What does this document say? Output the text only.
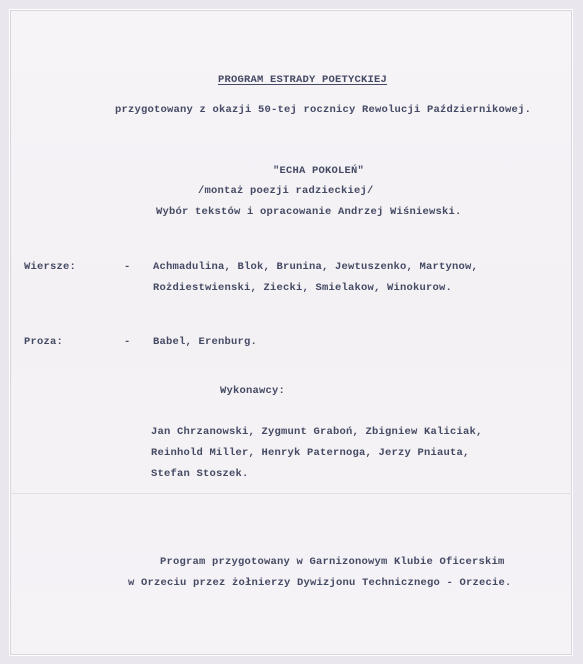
PROGRAM ESTRADY POETYCKIEJ
przygotowany z okazji 50-tej rocznicy Rewolucji Październikowej.
"ECHA POKOLEŃ"
/montaż poezji radzieckiej/
Wybór tekstów i opracowanie Andrzej Wiśniewski.
Wiersze:	- Achmadulina, Blok, Brunina, Jewtuszenko, Martynow,
Rożdiestwienski, Ziecki, Smielakow, Winokurow.
Proza:	- Babel, Erenburg.
Wykonawcy:
Jan Chrzanowski, Zygmunt Graboń, Zbigniew Kaliciak,
Reinhold Miller, Henryk Paternoga, Jerzy Pniauta,
Stefan Stoszek.
Program przygotowany w Garnizonowym Klubie Oficerskim
w Orzeciu przez żołnierzy Dywizjonu Technicznego - Orzecie.
